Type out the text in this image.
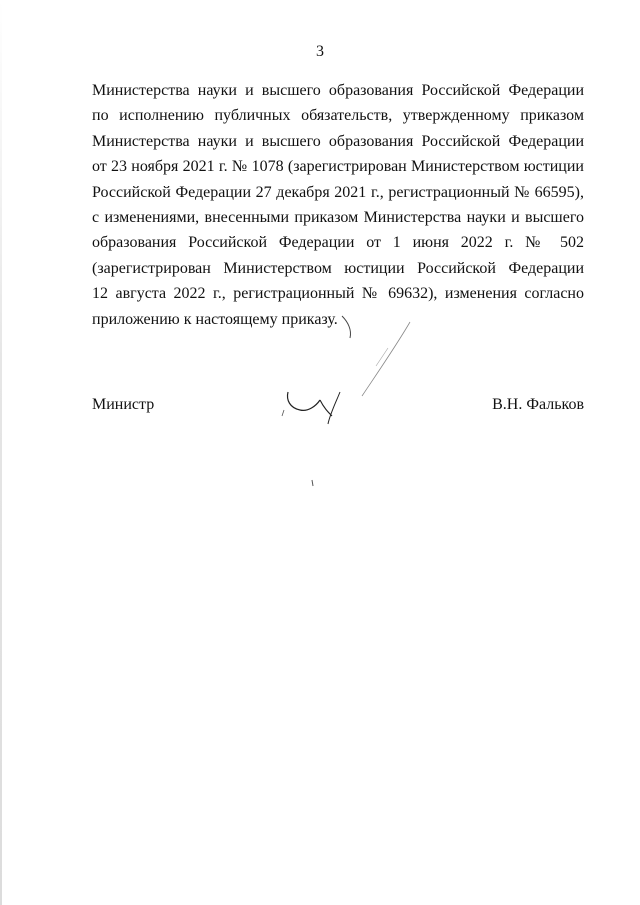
3
Министерства науки и высшего образования Российской Федерации
по исполнению публичных обязательств, утвержденному приказом
Министерства науки и высшего образования Российской Федерации
от 23 ноября 2021 г. № 1078 (зарегистрирован Министерством юстиции
Российской Федерации 27 декабря 2021 г., регистрационный № 66595),
с изменениями, внесенными приказом Министерства науки и высшего
образования Российской Федерации от 1 июня 2022 г. № 502
(зарегистрирован Министерством юстиции Российской Федерации
12 августа 2022 г., регистрационный № 69632), изменения согласно
приложению к настоящему приказу.
Министр	В.Н. Фальков
